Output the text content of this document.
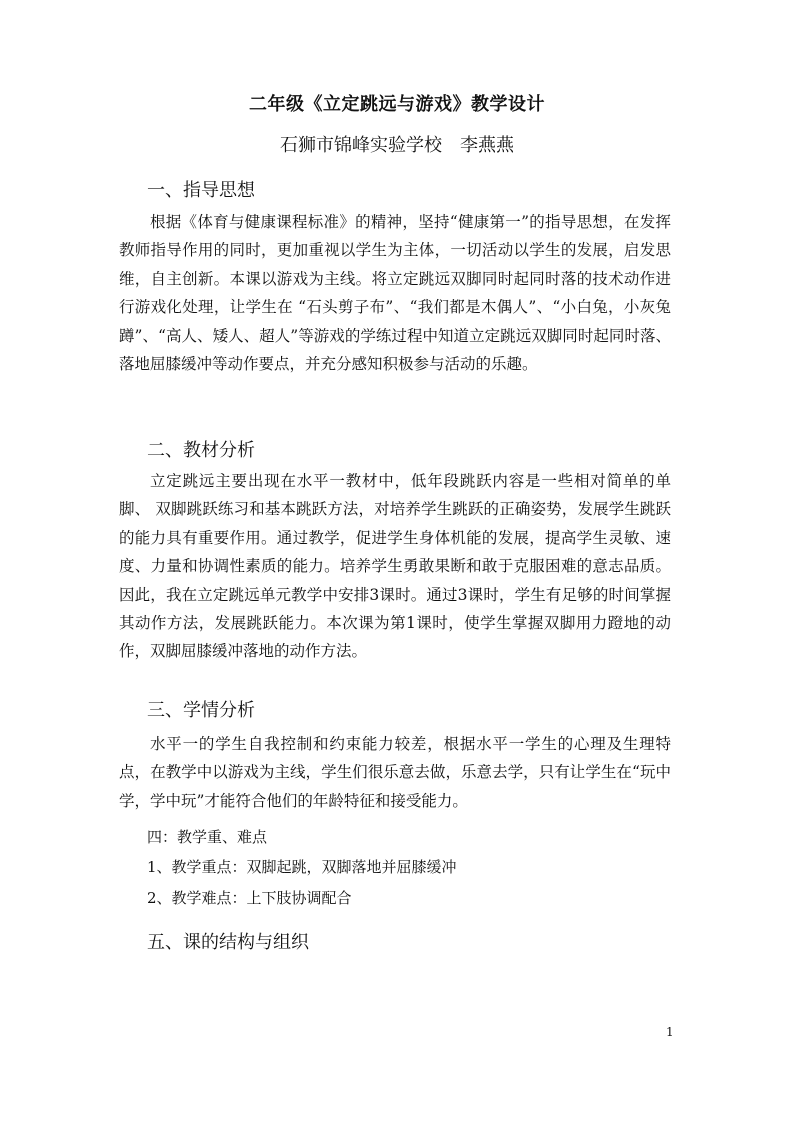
二年级《立定跳远与游戏》教学设计
石狮市锦峰实验学校　李燕燕
一、指导思想
根据《体育与健康课程标准》的精神，坚持“健康第一”的指导思想，在发挥教师指导作用的同时，更加重视以学生为主体，一切活动以学生的发展，启发思维，自主创新。本课以游戏为主线。将立定跳远双脚同时起同时落的技术动作进行游戏化处理，让学生在 “石头剪子布”、“我们都是木偶人”、“小白兔，小灰兔蹲”、“高人、矮人、超人”等游戏的学练过程中知道立定跳远双脚同时起同时落、落地屈膝缓冲等动作要点，并充分感知积极参与活动的乐趣。
二、教材分析
立定跳远主要出现在水平一教材中，低年段跳跃内容是一些相对简单的单脚、 双脚跳跃练习和基本跳跃方法，对培养学生跳跃的正确姿势，发展学生跳跃的能力具有重要作用。通过教学，促进学生身体机能的发展，提高学生灵敏、速度、力量和协调性素质的能力。培养学生勇敢果断和敢于克服困难的意志品质。因此，我在立定跳远单元教学中安排3课时。通过3课时，学生有足够的时间掌握其动作方法，发展跳跃能力。本次课为第1课时，使学生掌握双脚用力蹬地的动作，双脚屈膝缓冲落地的动作方法。
三、学情分析
水平一的学生自我控制和约束能力较差，根据水平一学生的心理及生理特点，在教学中以游戏为主线，学生们很乐意去做，乐意去学，只有让学生在“玩中学，学中玩”才能符合他们的年龄特征和接受能力。
四：教学重、难点
1、教学重点：双脚起跳，双脚落地并屈膝缓冲
2、教学难点：上下肢协调配合
五、课的结构与组织
1
